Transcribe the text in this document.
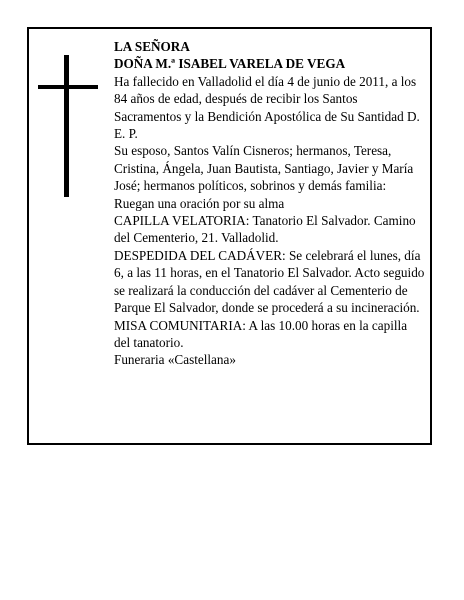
LA SEÑORA

DOÑA M.ª ISABEL VARELA DE VEGA

Ha fallecido en Valladolid el día 4 de junio de 2011, a los 84 años de edad, después de recibir los Santos Sacramentos y la Bendición Apostólica de Su Santidad D. E. P.

Su esposo, Santos Valín Cisneros; hermanos, Teresa, Cristina, Ángela, Juan Bautista, Santiago, Javier y María José; hermanos políticos, sobrinos y demás familia:

Ruegan una oración por su alma

CAPILLA VELATORIA: Tanatorio El Salvador. Camino del Cementerio, 21. Valladolid.

DESPEDIDA DEL CADÁVER: Se celebrará el lunes, día 6, a las 11 horas, en el Tanatorio El Salvador. Acto seguido se realizará la conducción del cadáver al Cementerio de Parque El Salvador, donde se procederá a su incineración.

MISA COMUNITARIA: A las 10.00 horas en la capilla del tanatorio.

Funeraria «Castellana»
